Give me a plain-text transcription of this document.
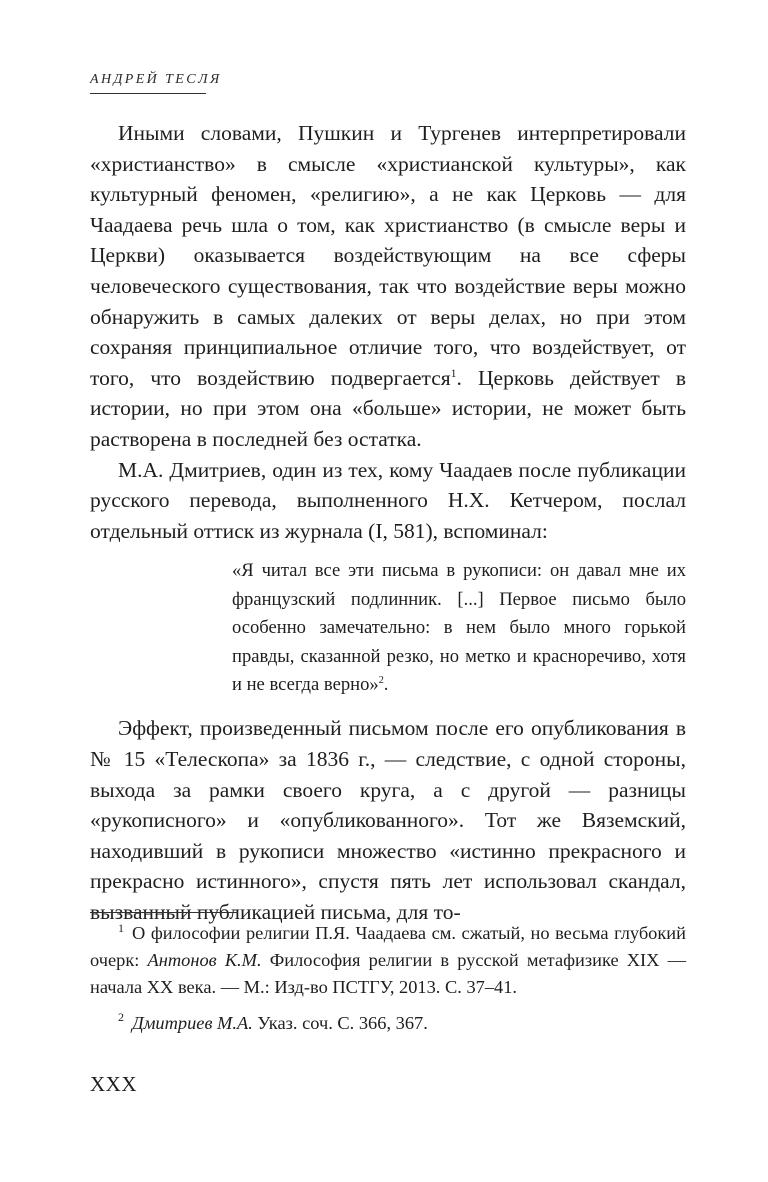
АНДРЕЙ ТЕСЛЯ

Иными словами, Пушкин и Тургенев интерпретировали «христианство» в смысле «христианской культуры», как культурный феномен, «религию», а не как Церковь — для Чаадаева речь шла о том, как христианство (в смысле веры и Церкви) оказывается воздействующим на все сферы человеческого существования, так что воздействие веры можно обнаружить в самых далеких от веры делах, но при этом сохраняя принципиальное отличие того, что воздействует, от того, что воздействию подвергается$^1$. Церковь действует в истории, но при этом она «больше» истории, не может быть растворена в последней без остатка.

М.А. Дмитриев, один из тех, кому Чаадаев после публикации русского перевода, выполненного Н.Х. Кетчером, послал отдельный оттиск из журнала (I, 581), вспоминал:

«Я читал все эти письма в рукописи: он давал мне их французский подлинник. [...] Первое письмо было особенно замечательно: в нем было много горькой правды, сказанной резко, но метко и красноречиво, хотя и не всегда верно»$^2$.

Эффект, произведенный письмом после его опубликования в № 15 «Телескопа» за 1836 г., — следствие, с одной стороны, выхода за рамки своего круга, а с другой — разницы «рукописного» и «опубликованного». Тот же Вяземский, находивший в рукописи множество «истинно прекрасного и прекрасно истинного», спустя пять лет использовал скандал, вызванный публикацией письма, для то-

$^1$ О философии религии П.Я. Чаадаева см. сжатый, но весьма глубокий очерк: Антонов К.М. Философия религии в русской метафизике XIX — начала XX века. — М.: Изд-во ПСТГУ, 2013. С. 37–41.

$^2$ Дмитриев М.А. Указ. соч. С. 366, 367.

XXX
